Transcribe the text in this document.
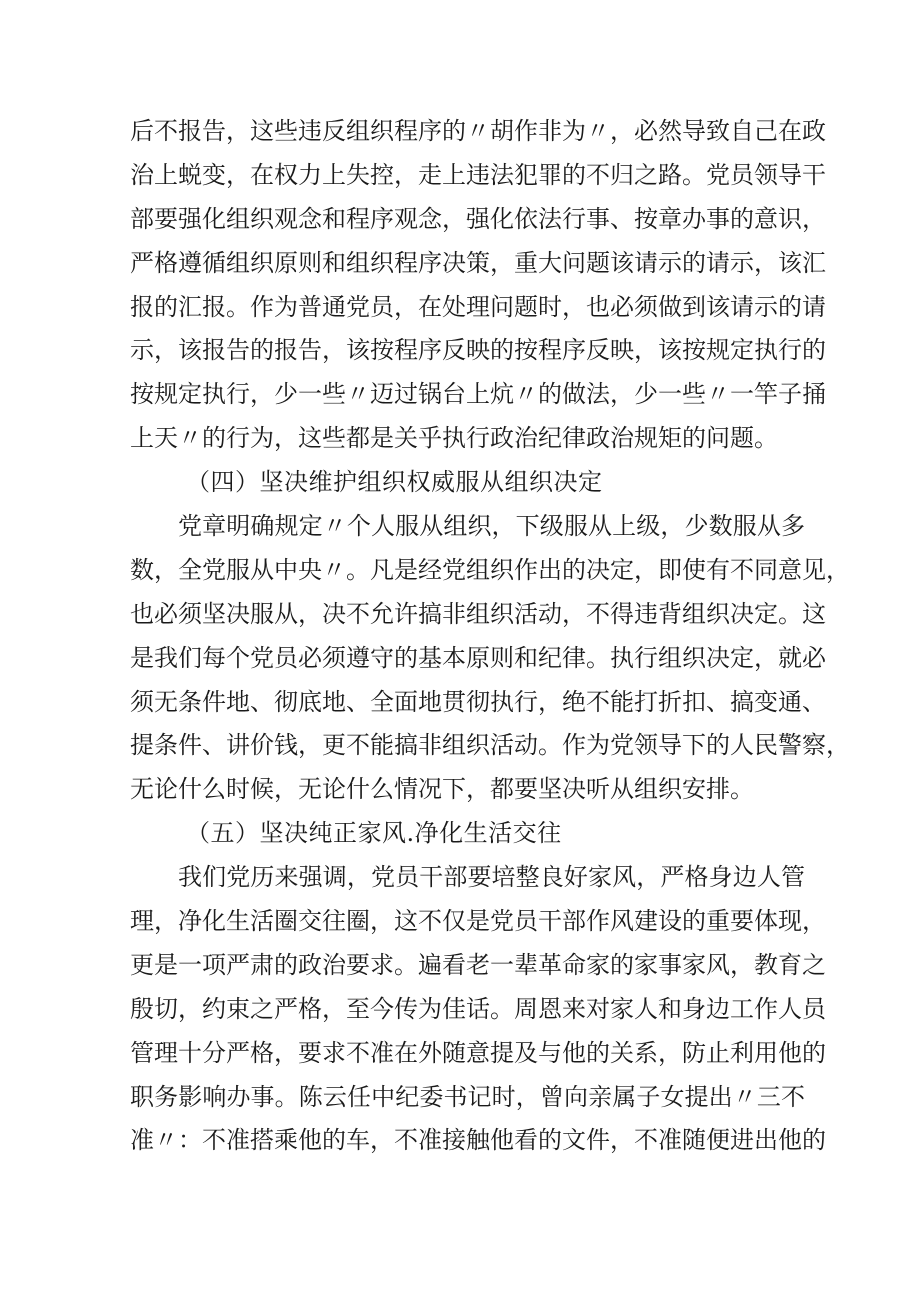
后不报告，这些违反组织程序的〃胡作非为〃，必然导致自己在政
治上蜕变，在权力上失控，走上违法犯罪的不归之路。党员领导干
部要强化组织观念和程序观念，强化依法行事、按章办事的意识，
严格遵循组织原则和组织程序决策，重大问题该请示的请示，该汇
报的汇报。作为普通党员，在处理问题时，也必须做到该请示的请
示，该报告的报告，该按程序反映的按程序反映，该按规定执行的
按规定执行，少一些〃迈过锅台上炕〃的做法，少一些〃一竿子捅
上天〃的行为，这些都是关乎执行政治纪律政治规矩的问题。
（四）坚决维护组织权威服从组织决定
党章明确规定〃个人服从组织，下级服从上级，少数服从多
数，全党服从中央〃。凡是经党组织作出的决定，即使有不同意见，
也必须坚决服从，决不允许搞非组织活动，不得违背组织决定。这
是我们每个党员必须遵守的基本原则和纪律。执行组织决定，就必
须无条件地、彻底地、全面地贯彻执行，绝不能打折扣、搞变通、
提条件、讲价钱，更不能搞非组织活动。作为党领导下的人民警察，
无论什么时候，无论什么情况下，都要坚决听从组织安排。
（五）坚决纯正家风.净化生活交往
我们党历来强调，党员干部要培整良好家风，严格身边人管
理，净化生活圈交往圈，这不仅是党员干部作风建设的重要体现，
更是一项严肃的政治要求。遍看老一辈革命家的家事家风，教育之
殷切，约束之严格，至今传为佳话。周恩来对家人和身边工作人员
管理十分严格，要求不准在外随意提及与他的关系，防止利用他的
职务影响办事。陈云任中纪委书记时，曾向亲属子女提出〃三不
准〃：不准搭乘他的车，不准接触他看的文件，不准随便进出他的
